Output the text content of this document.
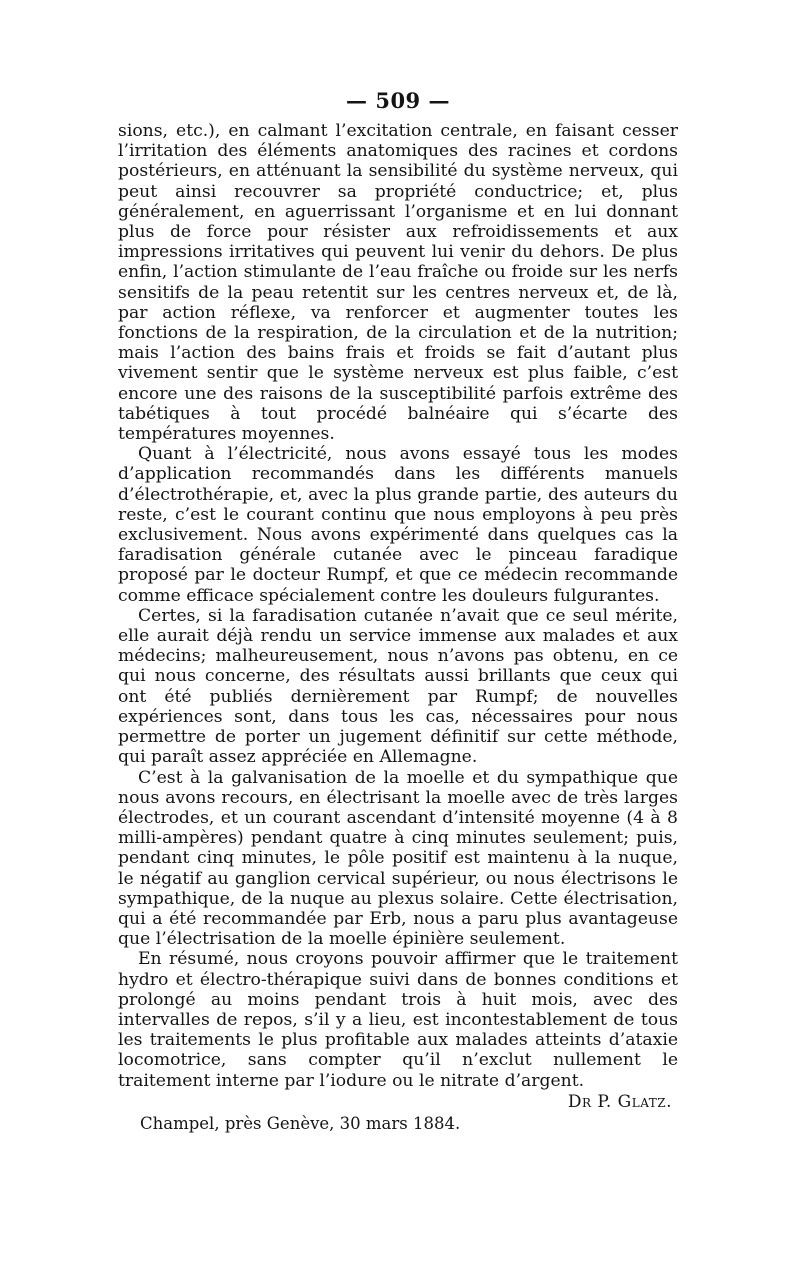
— 509 —

sions, etc.), en calmant l’excitation centrale, en faisant cesser l’irritation des éléments anatomiques des racines et cordons postérieurs, en atténuant la sensibilité du système nerveux, qui peut ainsi recouvrer sa propriété conductrice; et, plus généralement, en aguerrissant l’organisme et en lui donnant plus de force pour résister aux refroidissements et aux impressions irritatives qui peuvent lui venir du dehors. De plus enfin, l’action stimulante de l’eau fraîche ou froide sur les nerfs sensitifs de la peau retentit sur les centres nerveux et, de là, par action réflexe, va renforcer et augmenter toutes les fonctions de la respiration, de la circulation et de la nutrition; mais l’action des bains frais et froids se fait d’autant plus vivement sentir que le système nerveux est plus faible, c’est encore une des raisons de la susceptibilité parfois extrême des tabétiques à tout procédé balnéaire qui s’écarte des températures moyennes.

Quant à l’électricité, nous avons essayé tous les modes d’application recommandés dans les différents manuels d’électrothérapie, et, avec la plus grande partie, des auteurs du reste, c’est le courant continu que nous employons à peu près exclusivement. Nous avons expérimenté dans quelques cas la faradisation générale cutanée avec le pinceau faradique proposé par le docteur Rumpf, et que ce médecin recommande comme efficace spécialement contre les douleurs fulgurantes.

Certes, si la faradisation cutanée n’avait que ce seul mérite, elle aurait déjà rendu un service immense aux malades et aux médecins; malheureusement, nous n’avons pas obtenu, en ce qui nous concerne, des résultats aussi brillants que ceux qui ont été publiés dernièrement par Rumpf; de nouvelles expériences sont, dans tous les cas, nécessaires pour nous permettre de porter un jugement définitif sur cette méthode, qui paraît assez appréciée en Allemagne.

C’est à la galvanisation de la moelle et du sympathique que nous avons recours, en électrisant la moelle avec de très larges électrodes, et un courant ascendant d’intensité moyenne (4 à 8 milli-ampères) pendant quatre à cinq minutes seulement; puis, pendant cinq minutes, le pôle positif est maintenu à la nuque, le négatif au ganglion cervical supérieur, ou nous électrisons le sympathique, de la nuque au plexus solaire. Cette électrisation, qui a été recommandée par Erb, nous a paru plus avantageuse que l’électrisation de la moelle épinière seulement.

En résumé, nous croyons pouvoir affirmer que le traitement hydro et électro-thérapique suivi dans de bonnes conditions et prolongé au moins pendant trois à huit mois, avec des intervalles de repos, s’il y a lieu, est incontestablement de tous les traitements le plus profitable aux malades atteints d’ataxie locomotrice, sans compter qu’il n’exclut nullement le traitement interne par l’iodure ou le nitrate d’argent.

Dr P. Glatz.
Champel, près Genève, 30 mars 1884.
